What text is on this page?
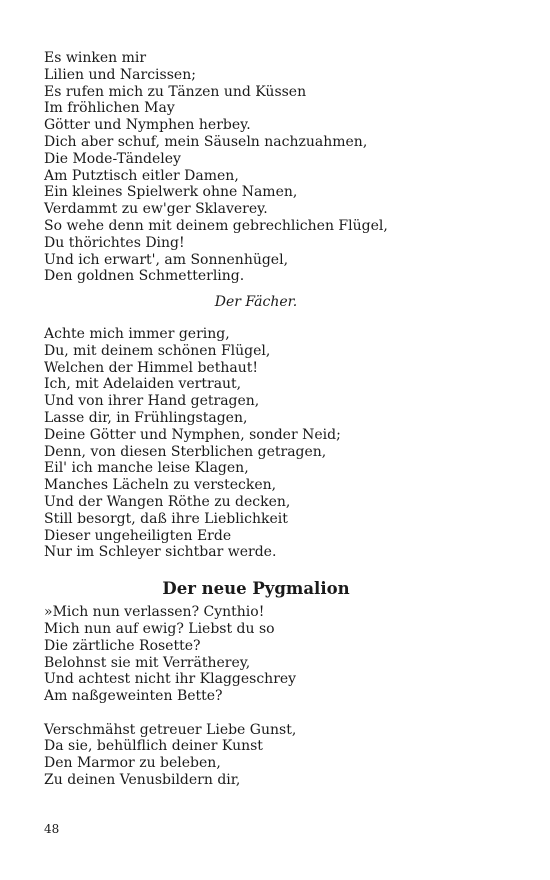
Es winken mir
Lilien und Narcissen;
Es rufen mich zu Tänzen und Küssen
Im fröhlichen May
Götter und Nymphen herbey.
Dich aber schuf, mein Säuseln nachzuahmen,
Die Mode-Tändeley
Am Putztisch eitler Damen,
Ein kleines Spielwerk ohne Namen,
Verdammt zu ew'ger Sklaverey.
So wehe denn mit deinem gebrechlichen Flügel,
Du thörichtes Ding!
Und ich erwart', am Sonnenhügel,
Den goldnen Schmetterling.
Der Fächer.
Achte mich immer gering,
Du, mit deinem schönen Flügel,
Welchen der Himmel bethaut!
Ich, mit Adelaiden vertraut,
Und von ihrer Hand getragen,
Lasse dir, in Frühlingstagen,
Deine Götter und Nymphen, sonder Neid;
Denn, von diesen Sterblichen getragen,
Eil' ich manche leise Klagen,
Manches Lächeln zu verstecken,
Und der Wangen Röthe zu decken,
Still besorgt, daß ihre Lieblichkeit
Dieser ungeheiligten Erde
Nur im Schleyer sichtbar werde.
Der neue Pygmalion
»Mich nun verlassen? Cynthio!
Mich nun auf ewig? Liebst du so
Die zärtliche Rosette?
Belohnst sie mit Verrätherey,
Und achtest nicht ihr Klaggeschrey
Am naßgeweinten Bette?
Verschmähst getreuer Liebe Gunst,
Da sie, behülflich deiner Kunst
Den Marmor zu beleben,
Zu deinen Venusbildern dir,
48
